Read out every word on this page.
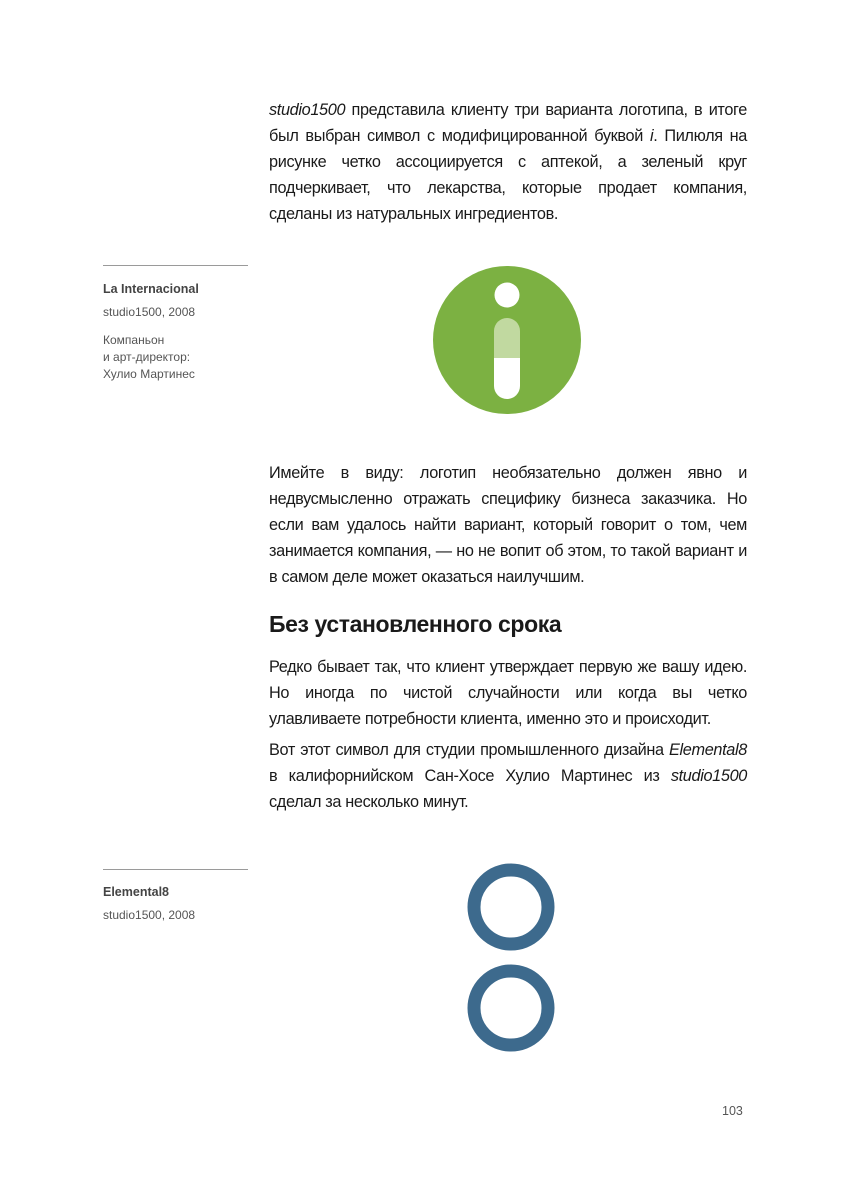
studio1500 представила клиенту три варианта логотипа, в итоге был выбран символ с модифицированной буквой i. Пилюля на рисунке четко ассоциируется с аптекой, а зеленый круг подчеркивает, что лекарства, которые продает компания, сделаны из натуральных ингредиентов.

La Internacional
studio1500, 2008
Компаньон
и арт-директор:
Хулио Мартинес

Имейте в виду: логотип необязательно должен явно и недвусмысленно отражать специфику бизнеса заказчика. Но если вам удалось найти вариант, который говорит о том, чем занимается компания, — но не вопит об этом, то такой вариант и в самом деле может оказаться наилучшим.

Без установленного срока

Редко бывает так, что клиент утверждает первую же вашу идею. Но иногда по чистой случайности или когда вы четко улавливаете потребности клиента, именно это и происходит.

Вот этот символ для студии промышленного дизайна Elemental8 в калифорнийском Сан-Хосе Хулио Мартинес из studio1500 сделал за несколько минут.

Elemental8
studio1500, 2008
103
